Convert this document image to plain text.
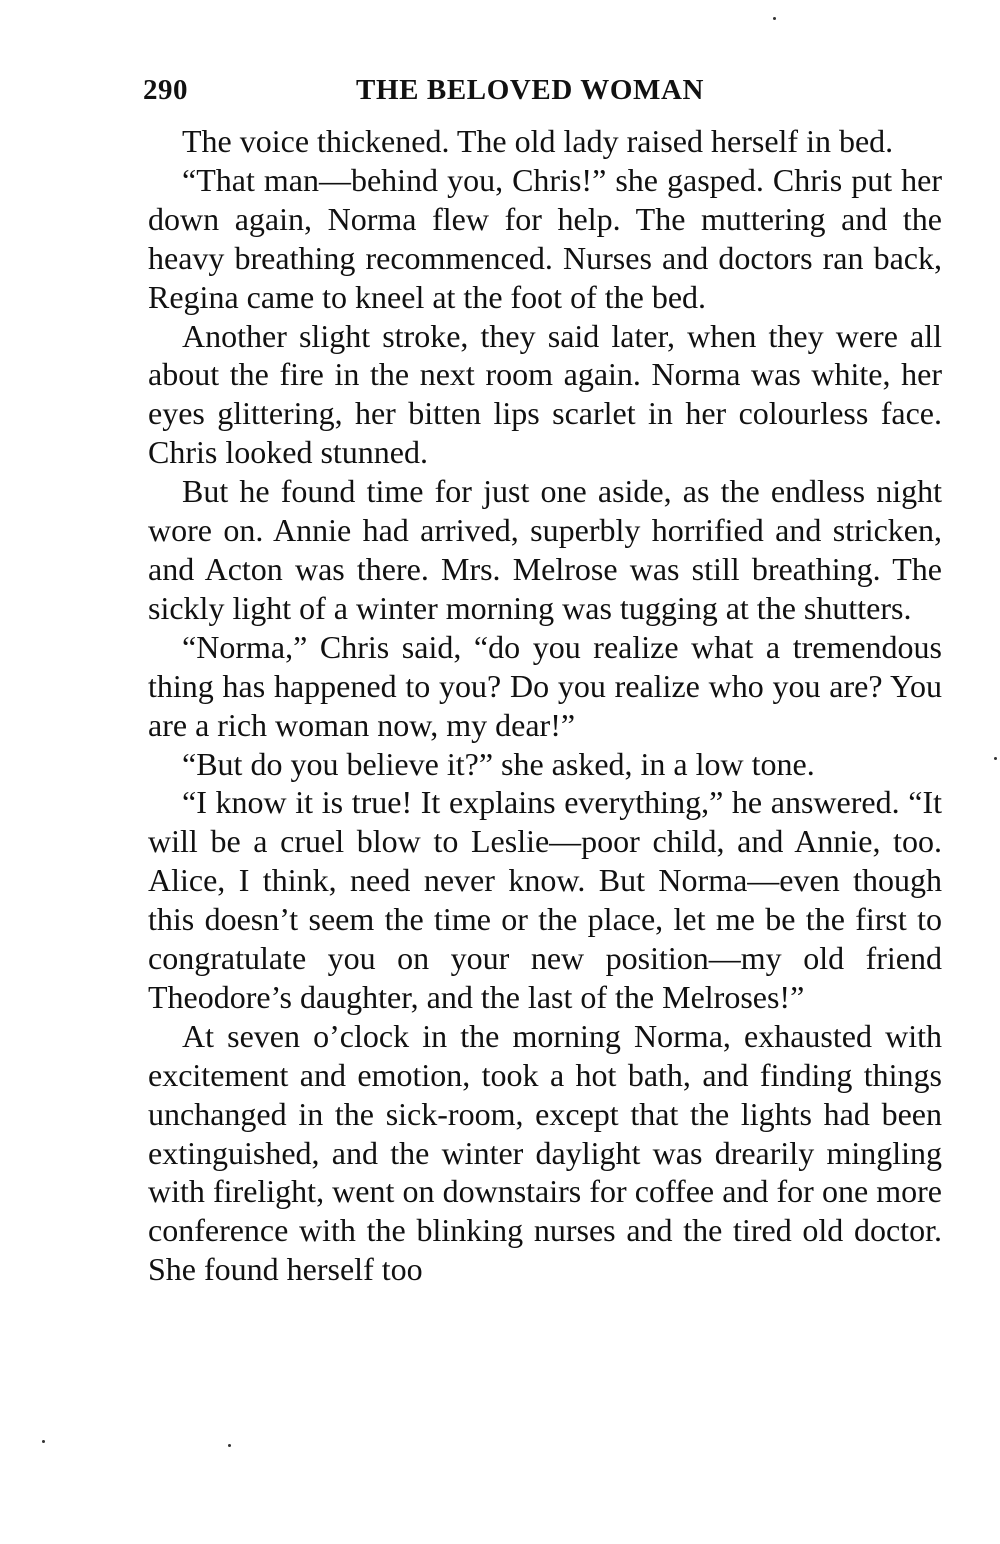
290	THE BELOVED WOMAN

The voice thickened. The old lady raised herself in bed.

“That man—behind you, Chris!” she gasped. Chris put her down again, Norma flew for help. The muttering and the heavy breathing recommenced. Nurses and doctors ran back, Regina came to kneel at the foot of the bed.

Another slight stroke, they said later, when they were all about the fire in the next room again. Norma was white, her eyes glittering, her bitten lips scarlet in her colourless face. Chris looked stunned.

But he found time for just one aside, as the endless night wore on. Annie had arrived, superbly horrified and stricken, and Acton was there. Mrs. Melrose was still breathing. The sickly light of a winter morning was tugging at the shutters.

“Norma,” Chris said, “do you realize what a tremendous thing has happened to you? Do you realize who you are? You are a rich woman now, my dear!”

“But do you believe it?” she asked, in a low tone.

“I know it is true! It explains everything,” he answered. “It will be a cruel blow to Leslie—poor child, and Annie, too. Alice, I think, need never know. But Norma—even though this doesn’t seem the time or the place, let me be the first to congratulate you on your new position—my old friend Theodore’s daughter, and the last of the Melroses!”

At seven o’clock in the morning Norma, exhausted with excitement and emotion, took a hot bath, and finding things unchanged in the sick-room, except that the lights had been extinguished, and the winter daylight was drearily mingling with firelight, went on downstairs for coffee and for one more conference with the blinking nurses and the tired old doctor. She found herself too
